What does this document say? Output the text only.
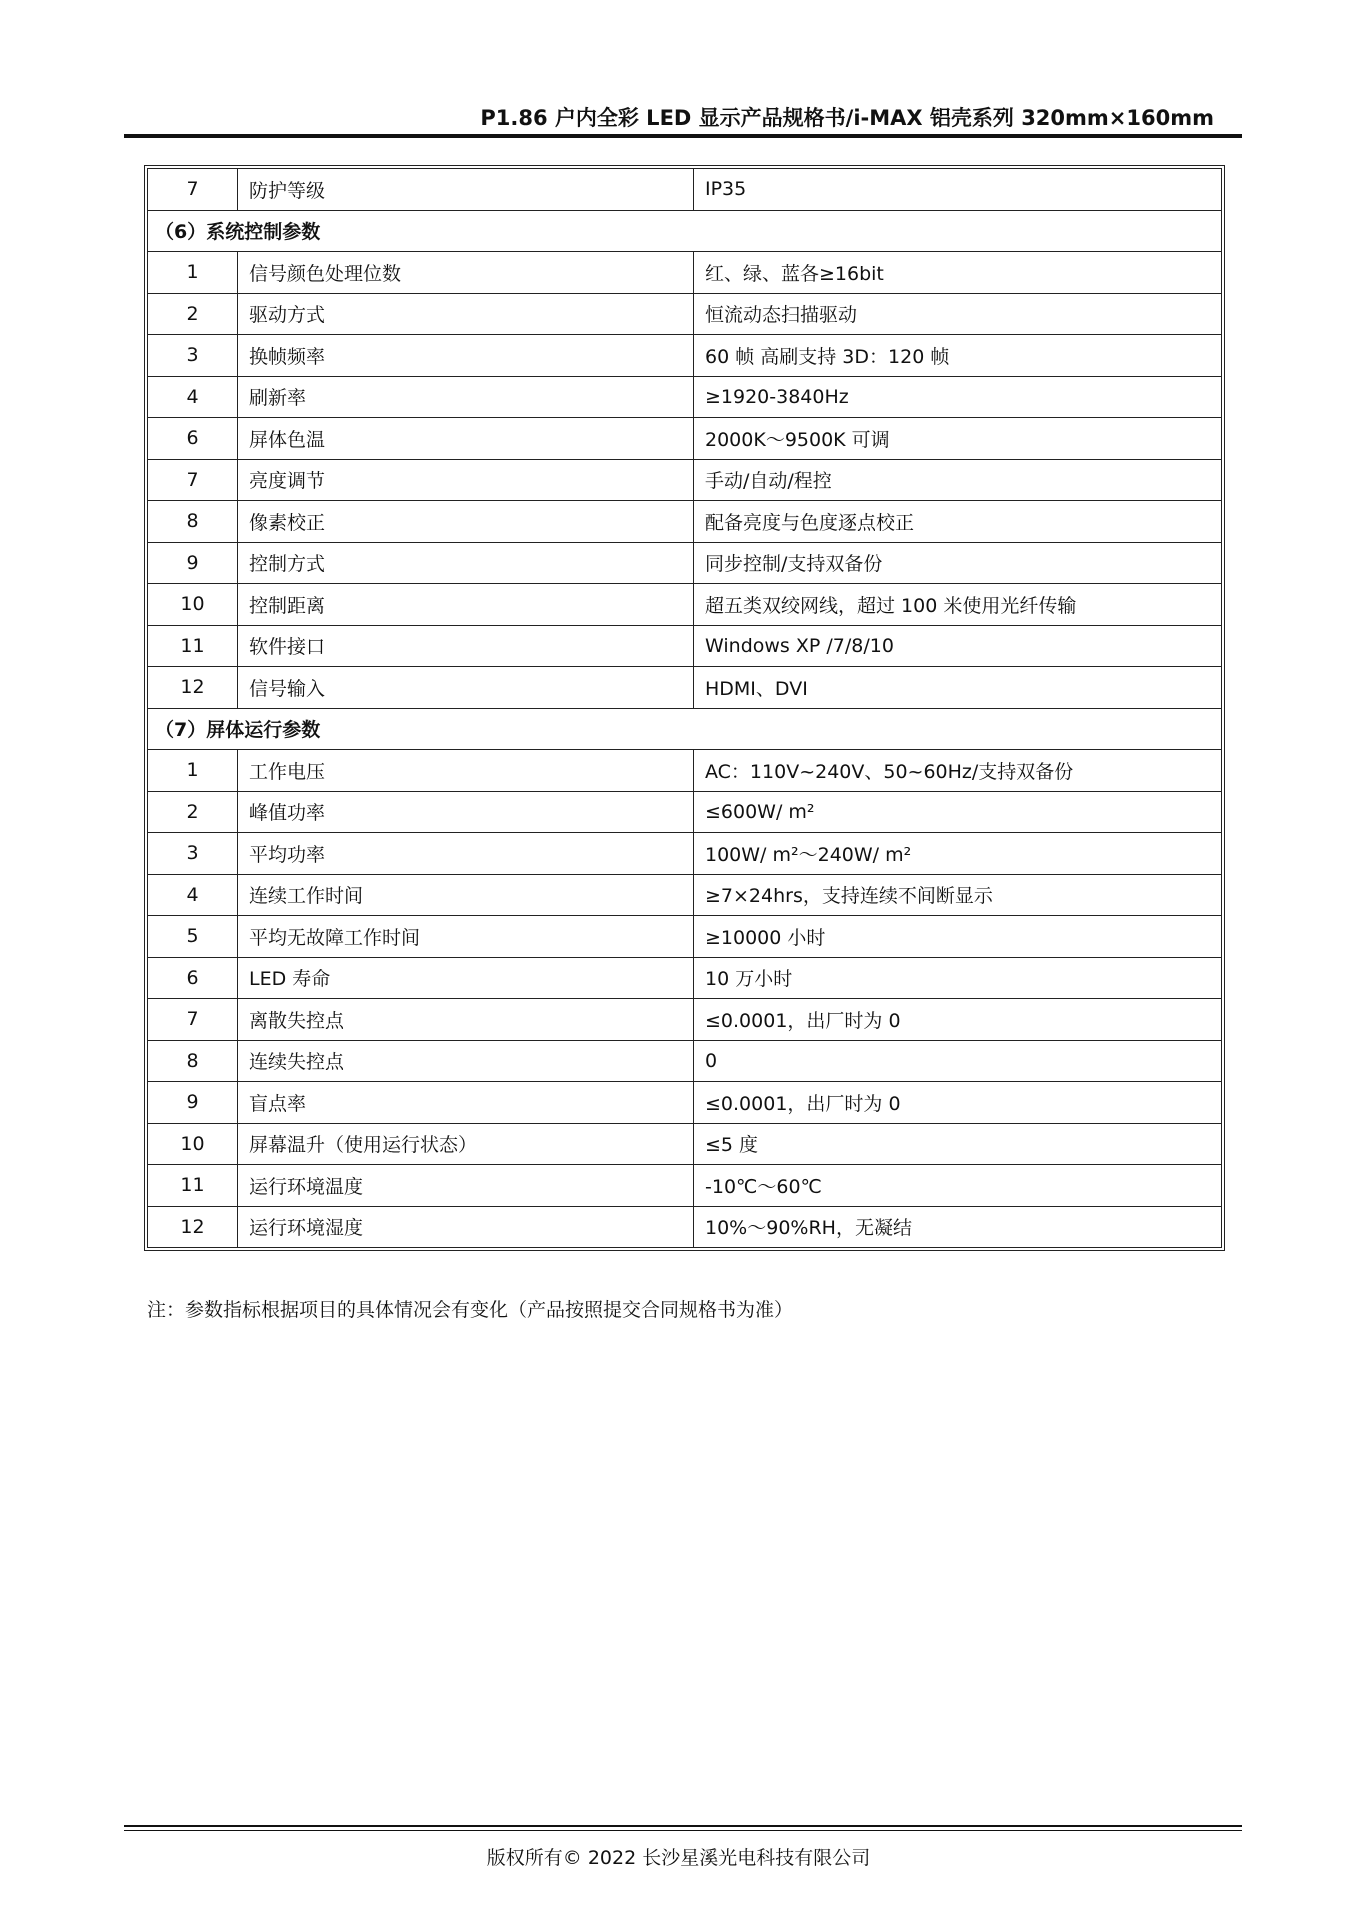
P1.86 户内全彩 LED 显示产品规格书/i-MAX 铝壳系列 320mm×160mm
7	防护等级	IP35
（6）系统控制参数		
1	信号颜色处理位数	红、绿、蓝各≥16bit
2	驱动方式	恒流动态扫描驱动
3	换帧频率	60 帧 高刷支持 3D：120 帧
4	刷新率	≥1920-3840Hz
6	屏体色温	2000K～9500K 可调
7	亮度调节	手动/自动/程控
8	像素校正	配备亮度与色度逐点校正
9	控制方式	同步控制/支持双备份
10	控制距离	超五类双绞网线，超过 100 米使用光纤传输
11	软件接口	Windows XP /7/8/10
12	信号输入	HDMI、DVI
（7）屏体运行参数		
1	工作电压	AC：110V~240V、50~60Hz/支持双备份
2	峰值功率	≤600W/ m²
3	平均功率	100W/ m²～240W/ m²
4	连续工作时间	≥7×24hrs，支持连续不间断显示
5	平均无故障工作时间	≥10000 小时
6	LED 寿命	10 万小时
7	离散失控点	≤0.0001，出厂时为 0
8	连续失控点	0
9	盲点率	≤0.0001，出厂时为 0
10	屏幕温升（使用运行状态）	≤5 度
11	运行环境温度	-10℃～60℃
12	运行环境湿度	10%～90%RH，无凝结
注：参数指标根据项目的具体情况会有变化（产品按照提交合同规格书为准）
版权所有© 2022 长沙星溪光电科技有限公司
